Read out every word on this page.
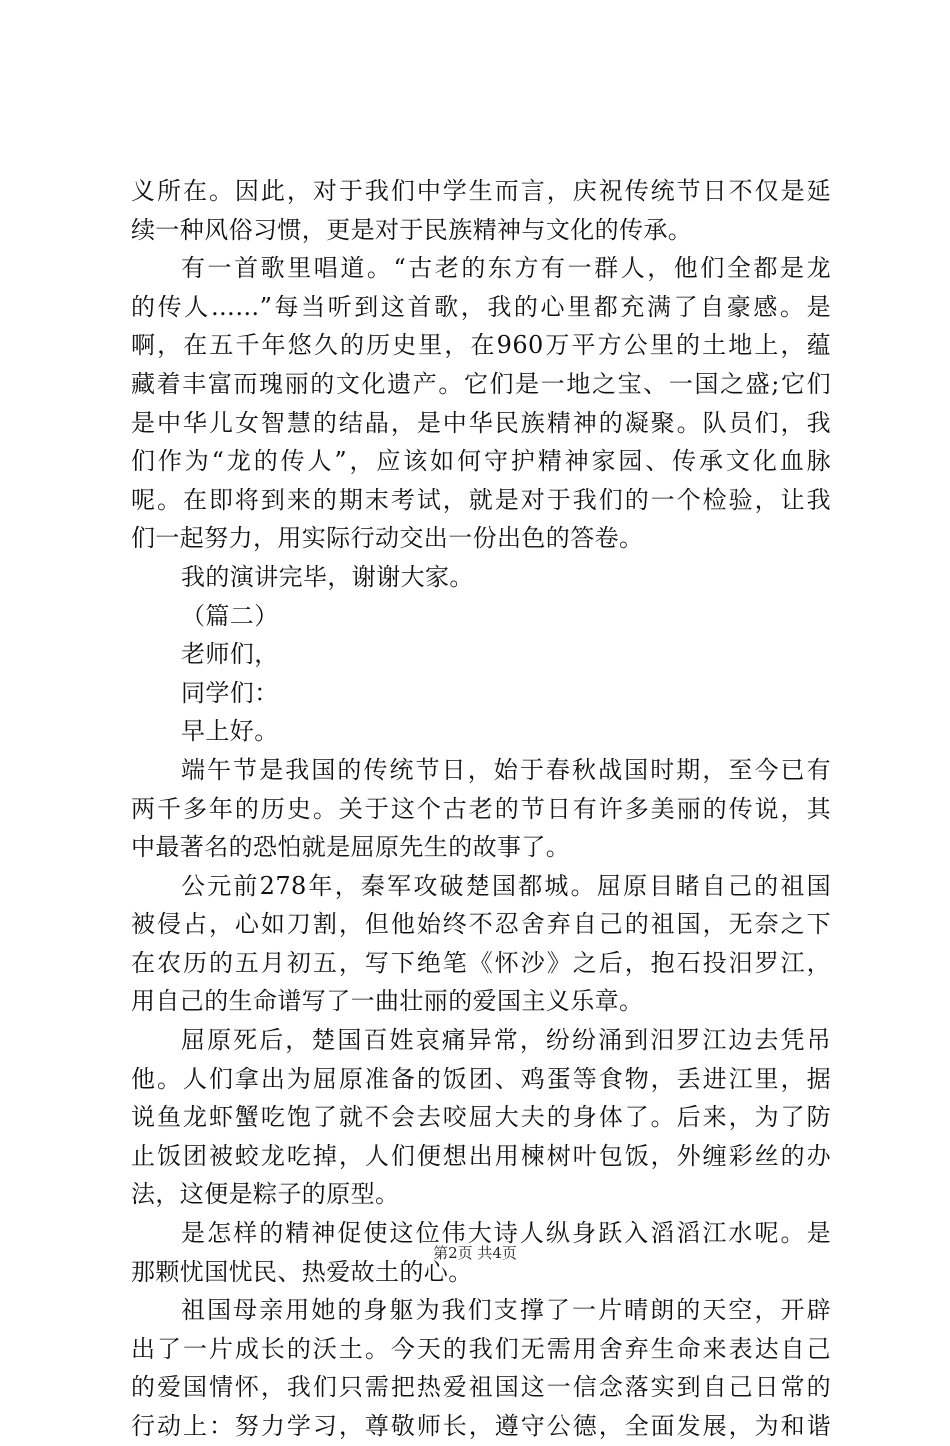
义所在。因此，对于我们中学生而言，庆祝传统节日不仅是延
续一种风俗习惯，更是对于民族精神与文化的传承。
有一首歌里唱道。“古老的东方有一群人，他们全都是龙
的传人……”每当听到这首歌，我的心里都充满了自豪感。是
啊，在五千年悠久的历史里，在960万平方公里的土地上，蕴
藏着丰富而瑰丽的文化遗产。它们是一地之宝、一国之盛;它们
是中华儿女智慧的结晶，是中华民族精神的凝聚。队员们，我
们作为“龙的传人”，应该如何守护精神家园、传承文化血脉
呢。在即将到来的期末考试，就是对于我们的一个检验，让我
们一起努力，用实际行动交出一份出色的答卷。
我的演讲完毕，谢谢大家。
（篇二）
老师们，
同学们：
早上好。
端午节是我国的传统节日，始于春秋战国时期，至今已有
两千多年的历史。关于这个古老的节日有许多美丽的传说，其
中最著名的恐怕就是屈原先生的故事了。
公元前278年，秦军攻破楚国都城。屈原目睹自己的祖国
被侵占，心如刀割，但他始终不忍舍弃自己的祖国，无奈之下
在农历的五月初五，写下绝笔《怀沙》之后，抱石投汨罗江，
用自己的生命谱写了一曲壮丽的爱国主义乐章。
屈原死后，楚国百姓哀痛异常，纷纷涌到汨罗江边去凭吊
他。人们拿出为屈原准备的饭团、鸡蛋等食物，丢进江里，据
说鱼龙虾蟹吃饱了就不会去咬屈大夫的身体了。后来，为了防
止饭团被蛟龙吃掉，人们便想出用楝树叶包饭，外缠彩丝的办
法，这便是粽子的原型。
是怎样的精神促使这位伟大诗人纵身跃入滔滔江水呢。是
那颗忧国忧民、热爱故土的心。
祖国母亲用她的身躯为我们支撑了一片晴朗的天空，开辟
出了一片成长的沃土。今天的我们无需用舍弃生命来表达自己
的爱国情怀，我们只需把热爱祖国这一信念落实到自己日常的
行动上：努力学习，尊敬师长，遵守公德，全面发展，为和谐
第2页 共4页
